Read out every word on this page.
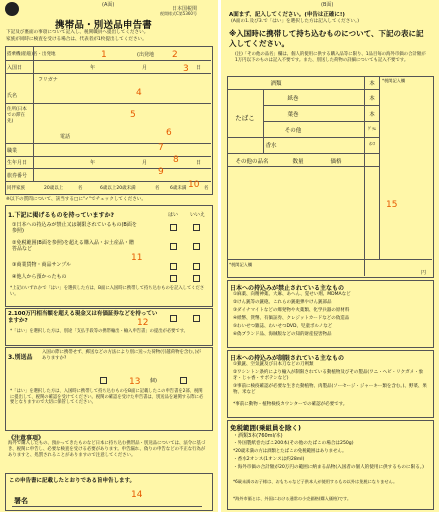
(A面)
日本国税関
税関様式C第5360号
携帯品・別送品申告書
下記及び裏面の事項について記入し、税関職員へ提出してください。
家族が同時に検査を受ける場合は、代表者が1枚提出してください。
搭乗機(船舶)名・出発地	(出発地
入国日	年	月	日
フリガナ
氏名
住所(日本での滞在先)
電話
職業
生年月日	年	月	日
旅券番号
同伴家族	20歳以上	名	6歳以上20歳未満	名 6歳未満	名
※以下の質問について、該当する□に"✓"でチェックしてください。
1.下記に掲げるものを持っていますか?	はい いいえ
①日本への持込みが禁止又は制限されているもの(B面を参照)
②免税範囲(B面を参照)を超える購入品・お土産品・贈答品など
③商業貨物・商品サンプル
④他人から預かったもの
*上記のいずれかで「はい」を選択した方は、B面に入国時に携帯して持ち込むものを記入してください。
2.100万円相当額を超える現金又は有価証券などを持っていますか?
*「はい」を選択した方は、別途「支払手段等の携帯輸出・輸入申告書」の提出が必要です。
3.別送品
入国の際に携帯せず、郵送などの方法により別に送った荷物(引越荷物を含む。)がありますか?
個)
*「はい」を選択した方は、入国時に携帯して持ち込むものをB面に記載したこの申告書を2部、税関に提出して、税関の確認を受けてください。税関の確認を受けた申告書は、別送品を通関する際に必要となりますので大切に保管してください。
《注意事項》
海外で購入したもの、預かってきたものなど日本に持ち込む携帯品・別送品については、法令に基づき、税関に申告し、必要な検査を受ける必要があります。申告漏れ、偽りの申告などの不正な行為がありますと、処罰されることがありますので注意してください。
この申告書に記載したとおりである旨申告します。
署名
(B面)
A面まず、記入してください。(申告は正確に!)
(A面の1.及び3.で「はい」を選択した方は記入してください。)
※入国時に携帯して持ち込むものについて、下記の表に記入してください。
(注)「その他の品名」欄は、個人的使用に供する購入品等に限り、1品目毎の海外市価の合計額が1万円以下のものは記入不要です。また、別送した荷物の詳細についても記入不要です。
*税関記入欄
酒類	本
たばこ
紙巻	本
葉巻	本
その他	ｸﾞﾗﾑ
香水	ｵﾝｽ
その他の品名	数量	価格
*税関記入欄
円
日本への持込みが禁止されている主なもの
①麻薬、向精神薬、大麻、あへん、覚せい剤、MDMAなど
②けん銃等の銃砲、これらの銃砲弾やけん銃部品
③ダイナマイトなどの爆発物や火薬類、化学兵器の原材料
④紙幣、貨幣、有価証券、クレジットカードなどの偽造品
⑤わいせつ雑誌、わいせつDVD、児童ポルノなど
⑥偽ブランド品、海賊版などの知的財産侵害物品
日本への持込みが制限されている主なもの
①猟銃、空気銃及び日本刀などの刀剣類
②ワシントン条約により輸入が制限されている動植物及びその製品(ワニ・ヘビ・リクガメ・象牙・じゃ香・サボテンなど)
③事前に検疫確認が必要な生きた動植物、肉製品(ソーセージ・ジャーキー類を含む。)、野菜、果物、米など
*事前に動物・植物検疫カウンターでの確認が必要です。
免税範囲(乗組員を除く)
・酒類3本(760ml/本)
・外国製紙巻たばこ200本(その他のたばこの場合は250g)
*20歳未満の方は酒類とたばこの免税範囲はありません。
・香水2オンス(1オンスは約28ml)
・海外市価の合計額が20万円の範囲に納まる品物(入国者の個人的使用に供するものに限る。)
*6歳未満のお子様は、おもちゃなど子供本人が使用するもの以外は免税になりません。
*海外市価とは、外国における通常の小売価格(購入価格)です。
1	2
3
4
5
6
7
8
9
10
11
12
13
14
15
